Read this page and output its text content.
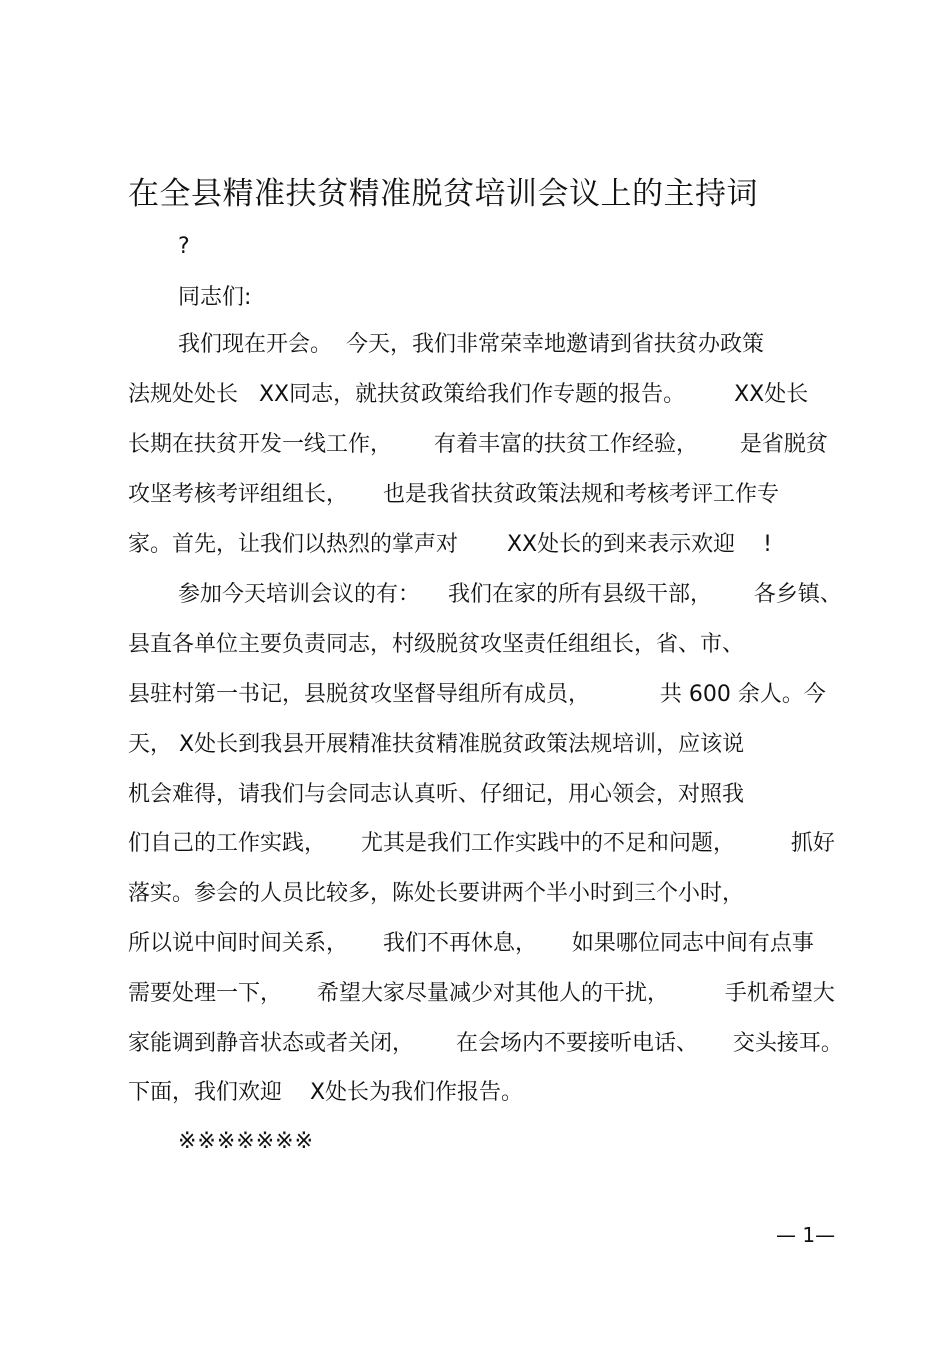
在全县精准扶贫精准脱贫培训会议上的主持词
?
同志们:
我们现在开会。  今天，我们非常荣幸地邀请到省扶贫办政策
法规处处长   XX同志，就扶贫政策给我们作专题的报告。       XX处长
长期在扶贫开发一线工作，      有着丰富的扶贫工作经验，      是省脱贫
攻坚考核考评组组长，     也是我省扶贫政策法规和考核考评工作专
家。首先，让我们以热烈的掌声对       XX处长的到来表示欢迎    !
参加今天培训会议的有：    我们在家的所有县级干部，      各乡镇、
县直各单位主要负责同志，村级脱贫攻坚责任组组长，省、市、
县驻村第一书记，县脱贫攻坚督导组所有成员，          共 600 余人。今
天， X处长到我县开展精准扶贫精准脱贫政策法规培训，应该说
机会难得，请我们与会同志认真听、仔细记，用心领会，对照我
们自己的工作实践，     尤其是我们工作实践中的不足和问题，        抓好
落实。参会的人员比较多，陈处长要讲两个半小时到三个小时，
所以说中间时间关系，     我们不再休息，     如果哪位同志中间有点事
需要处理一下，     希望大家尽量减少对其他人的干扰，        手机希望大
家能调到静音状态或者关闭，      在会场内不要接听电话、     交头接耳。
下面，我们欢迎    X处长为我们作报告。
※※※※※※※
— 1—
